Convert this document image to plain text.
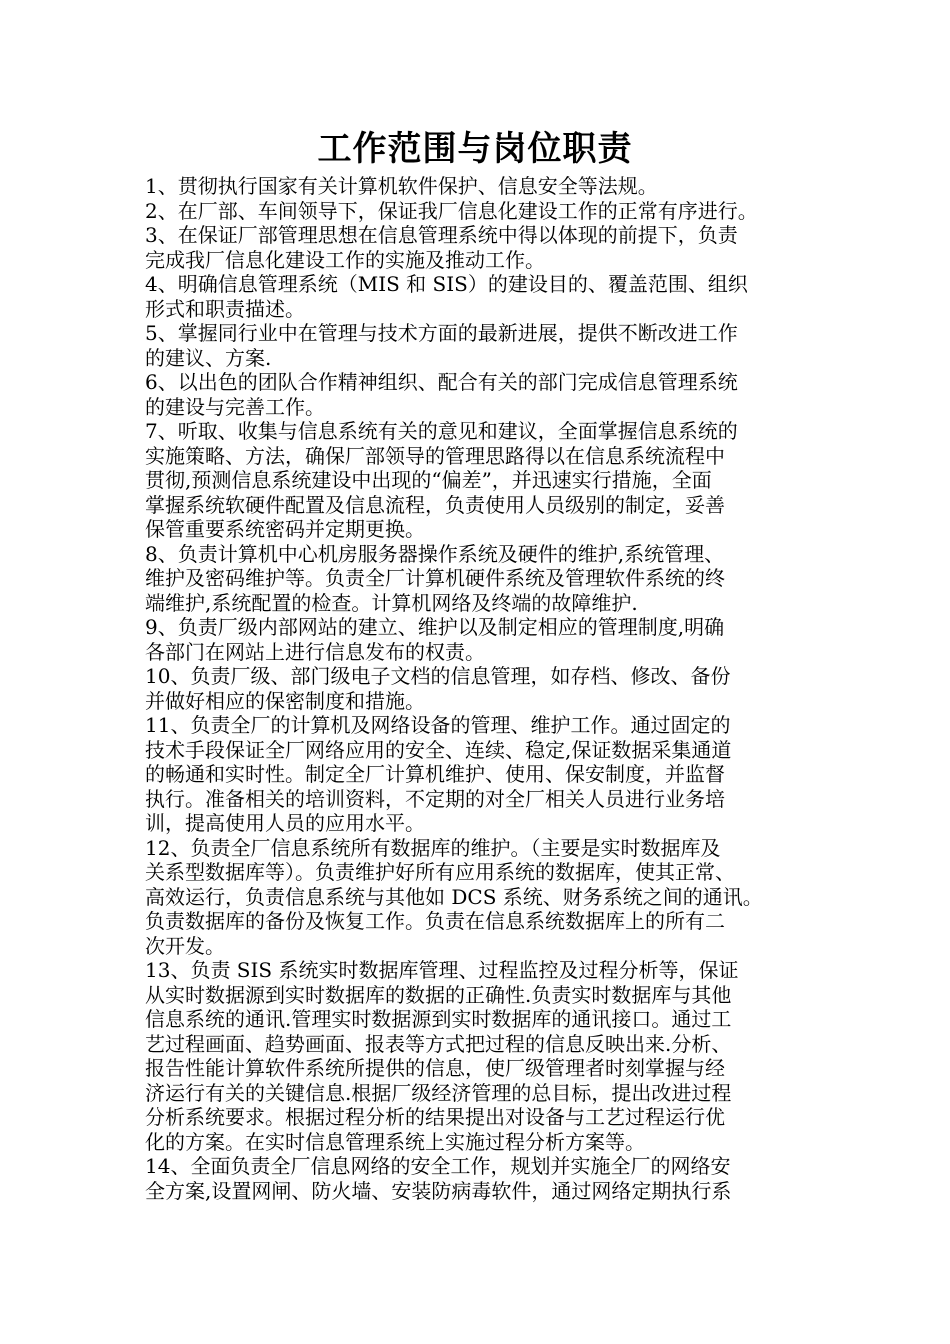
工作范围与岗位职责
1、贯彻执行国家有关计算机软件保护、信息安全等法规。
2、在厂部、车间领导下，保证我厂信息化建设工作的正常有序进行。
3、在保证厂部管理思想在信息管理系统中得以体现的前提下，负责
完成我厂信息化建设工作的实施及推动工作。
4、明确信息管理系统（MIS 和 SIS）的建设目的、覆盖范围、组织
形式和职责描述。
5、掌握同行业中在管理与技术方面的最新进展，提供不断改进工作
的建议、方案.
6、以出色的团队合作精神组织、配合有关的部门完成信息管理系统
的建设与完善工作。
7、听取、收集与信息系统有关的意见和建议，全面掌握信息系统的
实施策略、方法，确保厂部领导的管理思路得以在信息系统流程中
贯彻,预测信息系统建设中出现的“偏差”，并迅速实行措施，全面
掌握系统软硬件配置及信息流程，负责使用人员级别的制定，妥善
保管重要系统密码并定期更换。
8、负责计算机中心机房服务器操作系统及硬件的维护,系统管理、
维护及密码维护等。负责全厂计算机硬件系统及管理软件系统的终
端维护,系统配置的检查。计算机网络及终端的故障维护.
9、负责厂级内部网站的建立、维护以及制定相应的管理制度,明确
各部门在网站上进行信息发布的权责。
10、负责厂级、部门级电子文档的信息管理，如存档、修改、备份
并做好相应的保密制度和措施。
11、负责全厂的计算机及网络设备的管理、维护工作。通过固定的
技术手段保证全厂网络应用的安全、连续、稳定,保证数据采集通道
的畅通和实时性。制定全厂计算机维护、使用、保安制度，并监督
执行。准备相关的培训资料，不定期的对全厂相关人员进行业务培
训，提高使用人员的应用水平。
12、负责全厂信息系统所有数据库的维护。（主要是实时数据库及
关系型数据库等）。负责维护好所有应用系统的数据库，使其正常、
高效运行，负责信息系统与其他如 DCS 系统、财务系统之间的通讯。
负责数据库的备份及恢复工作。负责在信息系统数据库上的所有二
次开发。
13、负责 SIS 系统实时数据库管理、过程监控及过程分析等，保证
从实时数据源到实时数据库的数据的正确性.负责实时数据库与其他
信息系统的通讯.管理实时数据源到实时数据库的通讯接口。通过工
艺过程画面、趋势画面、报表等方式把过程的信息反映出来.分析、
报告性能计算软件系统所提供的信息，使厂级管理者时刻掌握与经
济运行有关的关键信息.根据厂级经济管理的总目标，提出改进过程
分析系统要求。根据过程分析的结果提出对设备与工艺过程运行优
化的方案。在实时信息管理系统上实施过程分析方案等。
14、全面负责全厂信息网络的安全工作，规划并实施全厂的网络安
全方案,设置网闸、防火墙、安装防病毒软件，通过网络定期执行系
